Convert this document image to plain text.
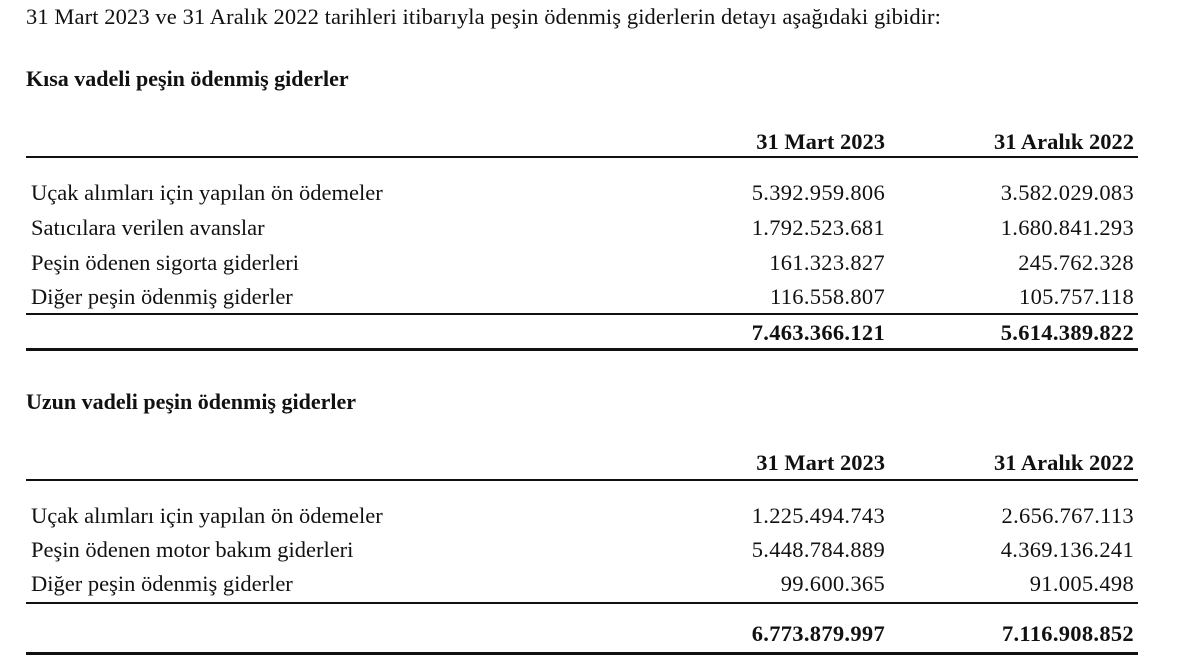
31 Mart 2023 ve 31 Aralık 2022 tarihleri itibarıyla peşin ödenmiş giderlerin detayı aşağıdaki gibidir:
Kısa vadeli peşin ödenmiş giderler
31 Mart 2023	31 Aralık 2022
Uçak alımları için yapılan ön ödemeler	5.392.959.806	3.582.029.083
Satıcılara verilen avanslar	1.792.523.681	1.680.841.293
Peşin ödenen sigorta giderleri	161.323.827	245.762.328
Diğer peşin ödenmiş giderler	116.558.807	105.757.118
7.463.366.121	5.614.389.822
Uzun vadeli peşin ödenmiş giderler
31 Mart 2023	31 Aralık 2022
Uçak alımları için yapılan ön ödemeler	1.225.494.743	2.656.767.113
Peşin ödenen motor bakım giderleri	5.448.784.889	4.369.136.241
Diğer peşin ödenmiş giderler	99.600.365	91.005.498
6.773.879.997	7.116.908.852
